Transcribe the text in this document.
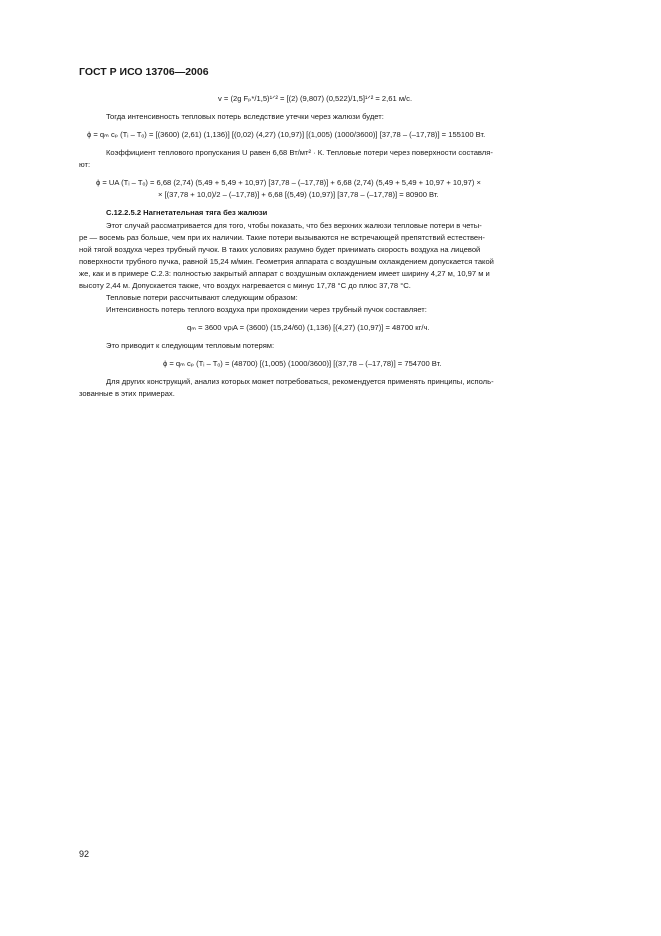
ГОСТ Р ИСО 13706—2006
v = (2g Fₚ*/1,5)¹ᐟ² = [(2) (9,807) (0,522)/1,5]¹ᐟ² = 2,61 м/с.
Тогда интенсивность тепловых потерь вследствие утечки через жалюзи будет:
ϕ = qₘ cₚ (Tᵢ – Tₒ) = [(3600) (2,61) (1,136)] [(0,02) (4,27) (10,97)] [(1,005) (1000/3600)] [37,78 – (–17,78)] = 155100 Вт.
Коэффициент теплового пропускания U равен 6,68 Вт/мт² · К. Тепловые потери через поверхности составля-
ют:
ϕ = UA (Tᵢ – Tₒ) = 6,68 (2,74) (5,49 + 5,49 + 10,97) [37,78 – (–17,78)] + 6,68 (2,74) (5,49 + 5,49 + 10,97 + 10,97) ×
× [(37,78 + 10,0)/2 – (–17,78)] + 6,68 [(5,49) (10,97)] [37,78 – (–17,78)] = 80900 Вт.
С.12.2.5.2 Нагнетательная тяга без жалюзи
Этот случай рассматривается для того, чтобы показать, что без верхних жалюзи тепловые потери в четы-
ре — восемь раз больше, чем при их наличии. Такие потери вызываются не встречающей препятствий естествен-
ной тягой воздуха через трубный пучок. В таких условиях разумно будет принимать скорость воздуха на лицевой
поверхности трубного пучка, равной 15,24 м/мин. Геометрия аппарата с воздушным охлаждением допускается такой
же, как и в примере С.2.3: полностью закрытый аппарат с воздушным охлаждением имеет ширину 4,27 м, 10,97 м и
высоту 2,44 м. Допускается также, что воздух нагревается с минус 17,78 °С до плюс 37,78 °С.
Тепловые потери рассчитывают следующим образом:
Интенсивность потерь теплого воздуха при прохождении через трубный пучок составляет:
qₘ = 3600 vρᵢA = (3600) (15,24/60) (1,136) [(4,27) (10,97)] = 48700 кг/ч.
Это приводит к следующим тепловым потерям:
ϕ = qₘ cₚ (Tᵢ – Tₒ) = (48700) [(1,005) (1000/3600)] [(37,78 – (–17,78)] = 754700 Вт.
Для других конструкций, анализ которых может потребоваться, рекомендуется применять принципы, исполь-
зованные в этих примерах.
92
